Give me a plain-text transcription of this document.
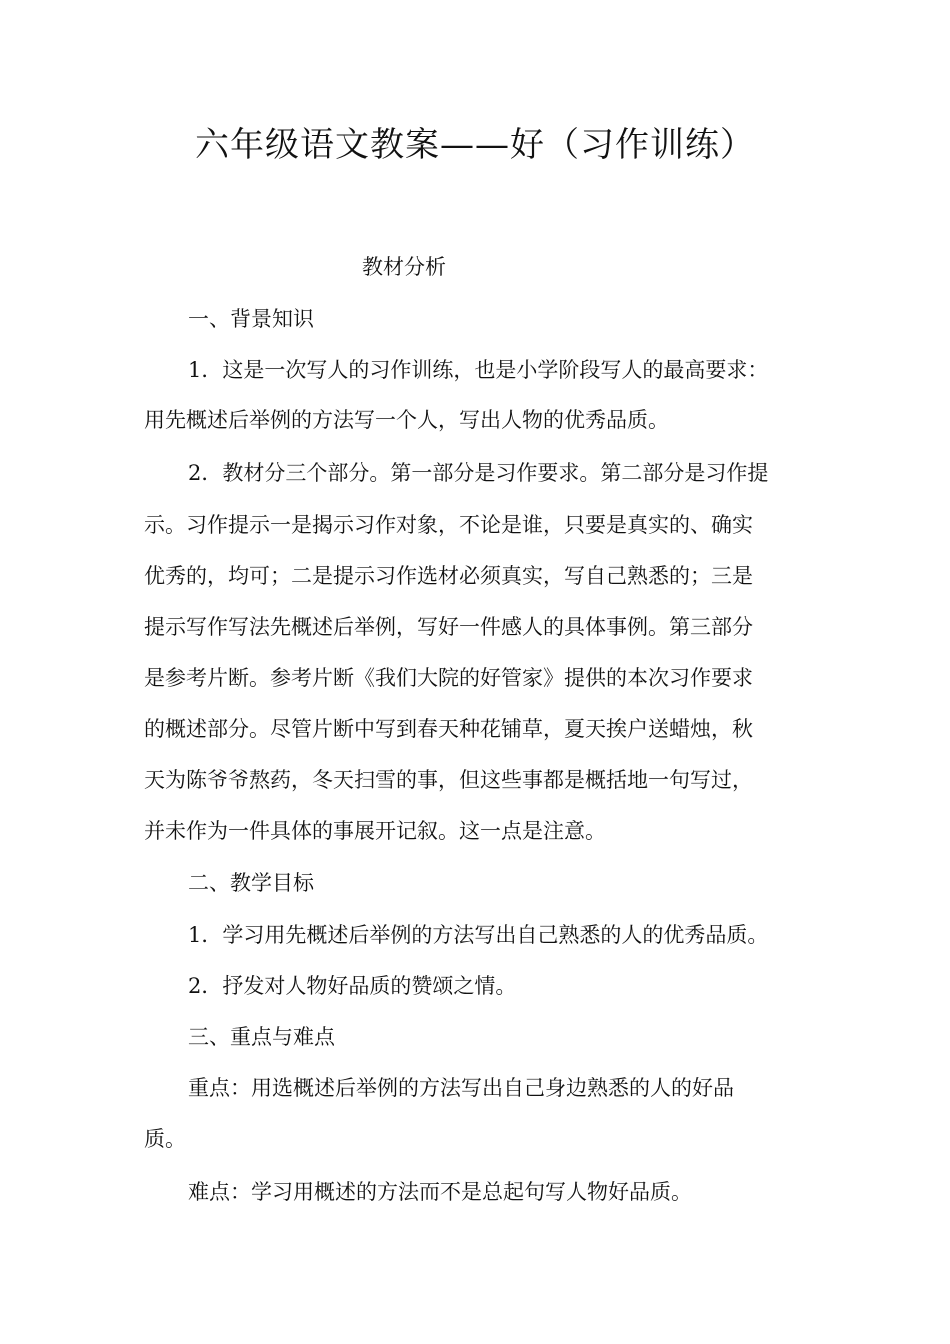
六年级语文教案——好（习作训练）
教材分析
一、背景知识
1．这是一次写人的习作训练，也是小学阶段写人的最高要求：
用先概述后举例的方法写一个人，写出人物的优秀品质。
2．教材分三个部分。第一部分是习作要求。第二部分是习作提
示。习作提示一是揭示习作对象，不论是谁，只要是真实的、确实
优秀的，均可；二是提示习作选材必须真实，写自己熟悉的；三是
提示写作写法先概述后举例，写好一件感人的具体事例。第三部分
是参考片断。参考片断《我们大院的好管家》提供的本次习作要求
的概述部分。尽管片断中写到春天种花铺草，夏天挨户送蜡烛，秋
天为陈爷爷熬药，冬天扫雪的事，但这些事都是概括地一句写过，
并未作为一件具体的事展开记叙。这一点是注意。
二、教学目标
1．学习用先概述后举例的方法写出自己熟悉的人的优秀品质。
2．抒发对人物好品质的赞颂之情。
三、重点与难点
重点：用选概述后举例的方法写出自己身边熟悉的人的好品
质。
难点：学习用概述的方法而不是总起句写人物好品质。
